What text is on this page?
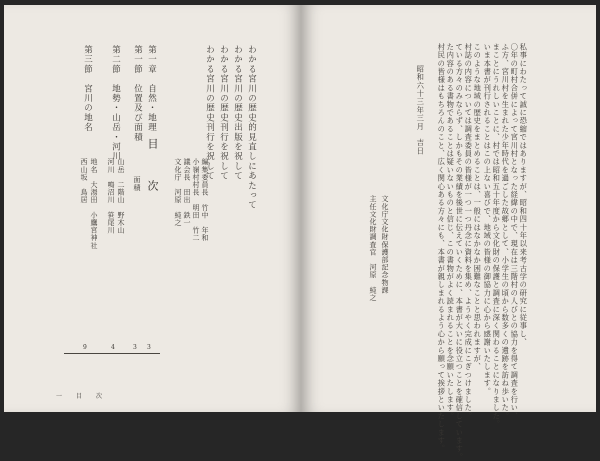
目　次	編集委員長　竹中　年和
小嶺村村長　明田　竹二
議会長　田出　鉄一
文化庁　河原　純之	わかる宮川の歴史的見直しにあたって
わかる宮川の歴史出版を祝して
わかる宮川の歴史刊行を祝して
わかる宮川の歴史刊行を祝して
第一章　自然・地理
第一節　位置及び面積
面積
第二節　地勢・山岳・河川
山岳　二階山　野木山
河川　鳴沼川　笹尾川
第三節　宮川の地名
地名　大湯田　小鷹宮神社
西山坂　鳥居
3
3
4
9
一　目　次
私事にわたって誠に恐縮ではありますが、昭和四十年以来考古学の研究に従事し、
〇年の町村合併によって宮川村となった経緯の中で、現在は三階村の人びとの協力を得て調査を行い、
ふ方、宮川村を生まれた少年時代を過ごした故郷として、小学生の頃から数多くの遺跡を訪ね歩いた。
まことにうれしいことに、村では昭和五十年度から文化財の保護と調査に深く関わることになりました。
いま本書が刊行されることはこの上ない喜びで、地域の皆様の御協力に心から感謝いたします。
このような地域の歴史をまとめることは、一般にはなかなか困難なことと思われますが、
村誌の内容については調査委員の皆様が一つ一つ丹念に資料を集め、ようやく完成にこぎつけました。
ている方々のみならず、しかもその業績を後世に伝えていくために、本書が大いに役立つことを確信しています。
た内容のある書物であることは疑いないものと信じ、この書物がよく読まれることを念願いたします。
村民の皆様はもちろんのこと、広く関心ある方々にも、本書が親しまれるよう心から願って挨拶といたします。
昭和六十三年三月　吉日
文化庁文化財保護部記念物課
主任文化財調査官　河原　純之
